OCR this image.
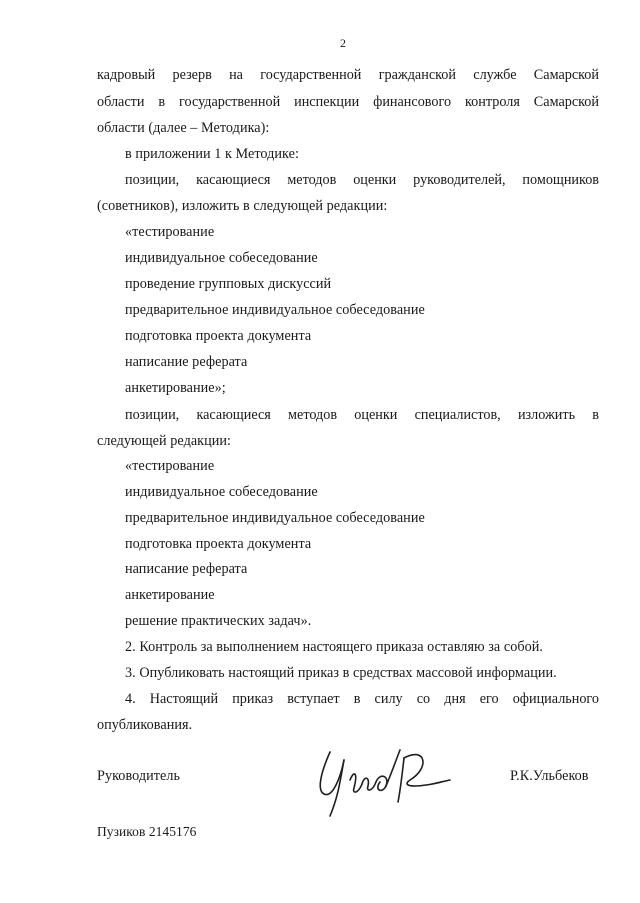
2
кадровый резерв на государственной гражданской службе Самарской
области в государственной инспекции финансового контроля Самарской
области (далее – Методика):
в приложении 1 к Методике:
позиции, касающиеся методов оценки руководителей, помощников
(советников), изложить в следующей редакции:
«тестирование
индивидуальное собеседование
проведение групповых дискуссий
предварительное индивидуальное собеседование
подготовка проекта документа
написание реферата
анкетирование»;
позиции, касающиеся методов оценки специалистов, изложить в
следующей редакции:
«тестирование
индивидуальное собеседование
предварительное индивидуальное собеседование
подготовка проекта документа
написание реферата
анкетирование
решение практических задач».
2. Контроль за выполнением настоящего приказа оставляю за собой.
3. Опубликовать настоящий приказ в средствах массовой информации.
4. Настоящий приказ вступает в силу со дня его официального
опубликования.
Руководитель	Р.К.Ульбеков
Пузиков 2145176
